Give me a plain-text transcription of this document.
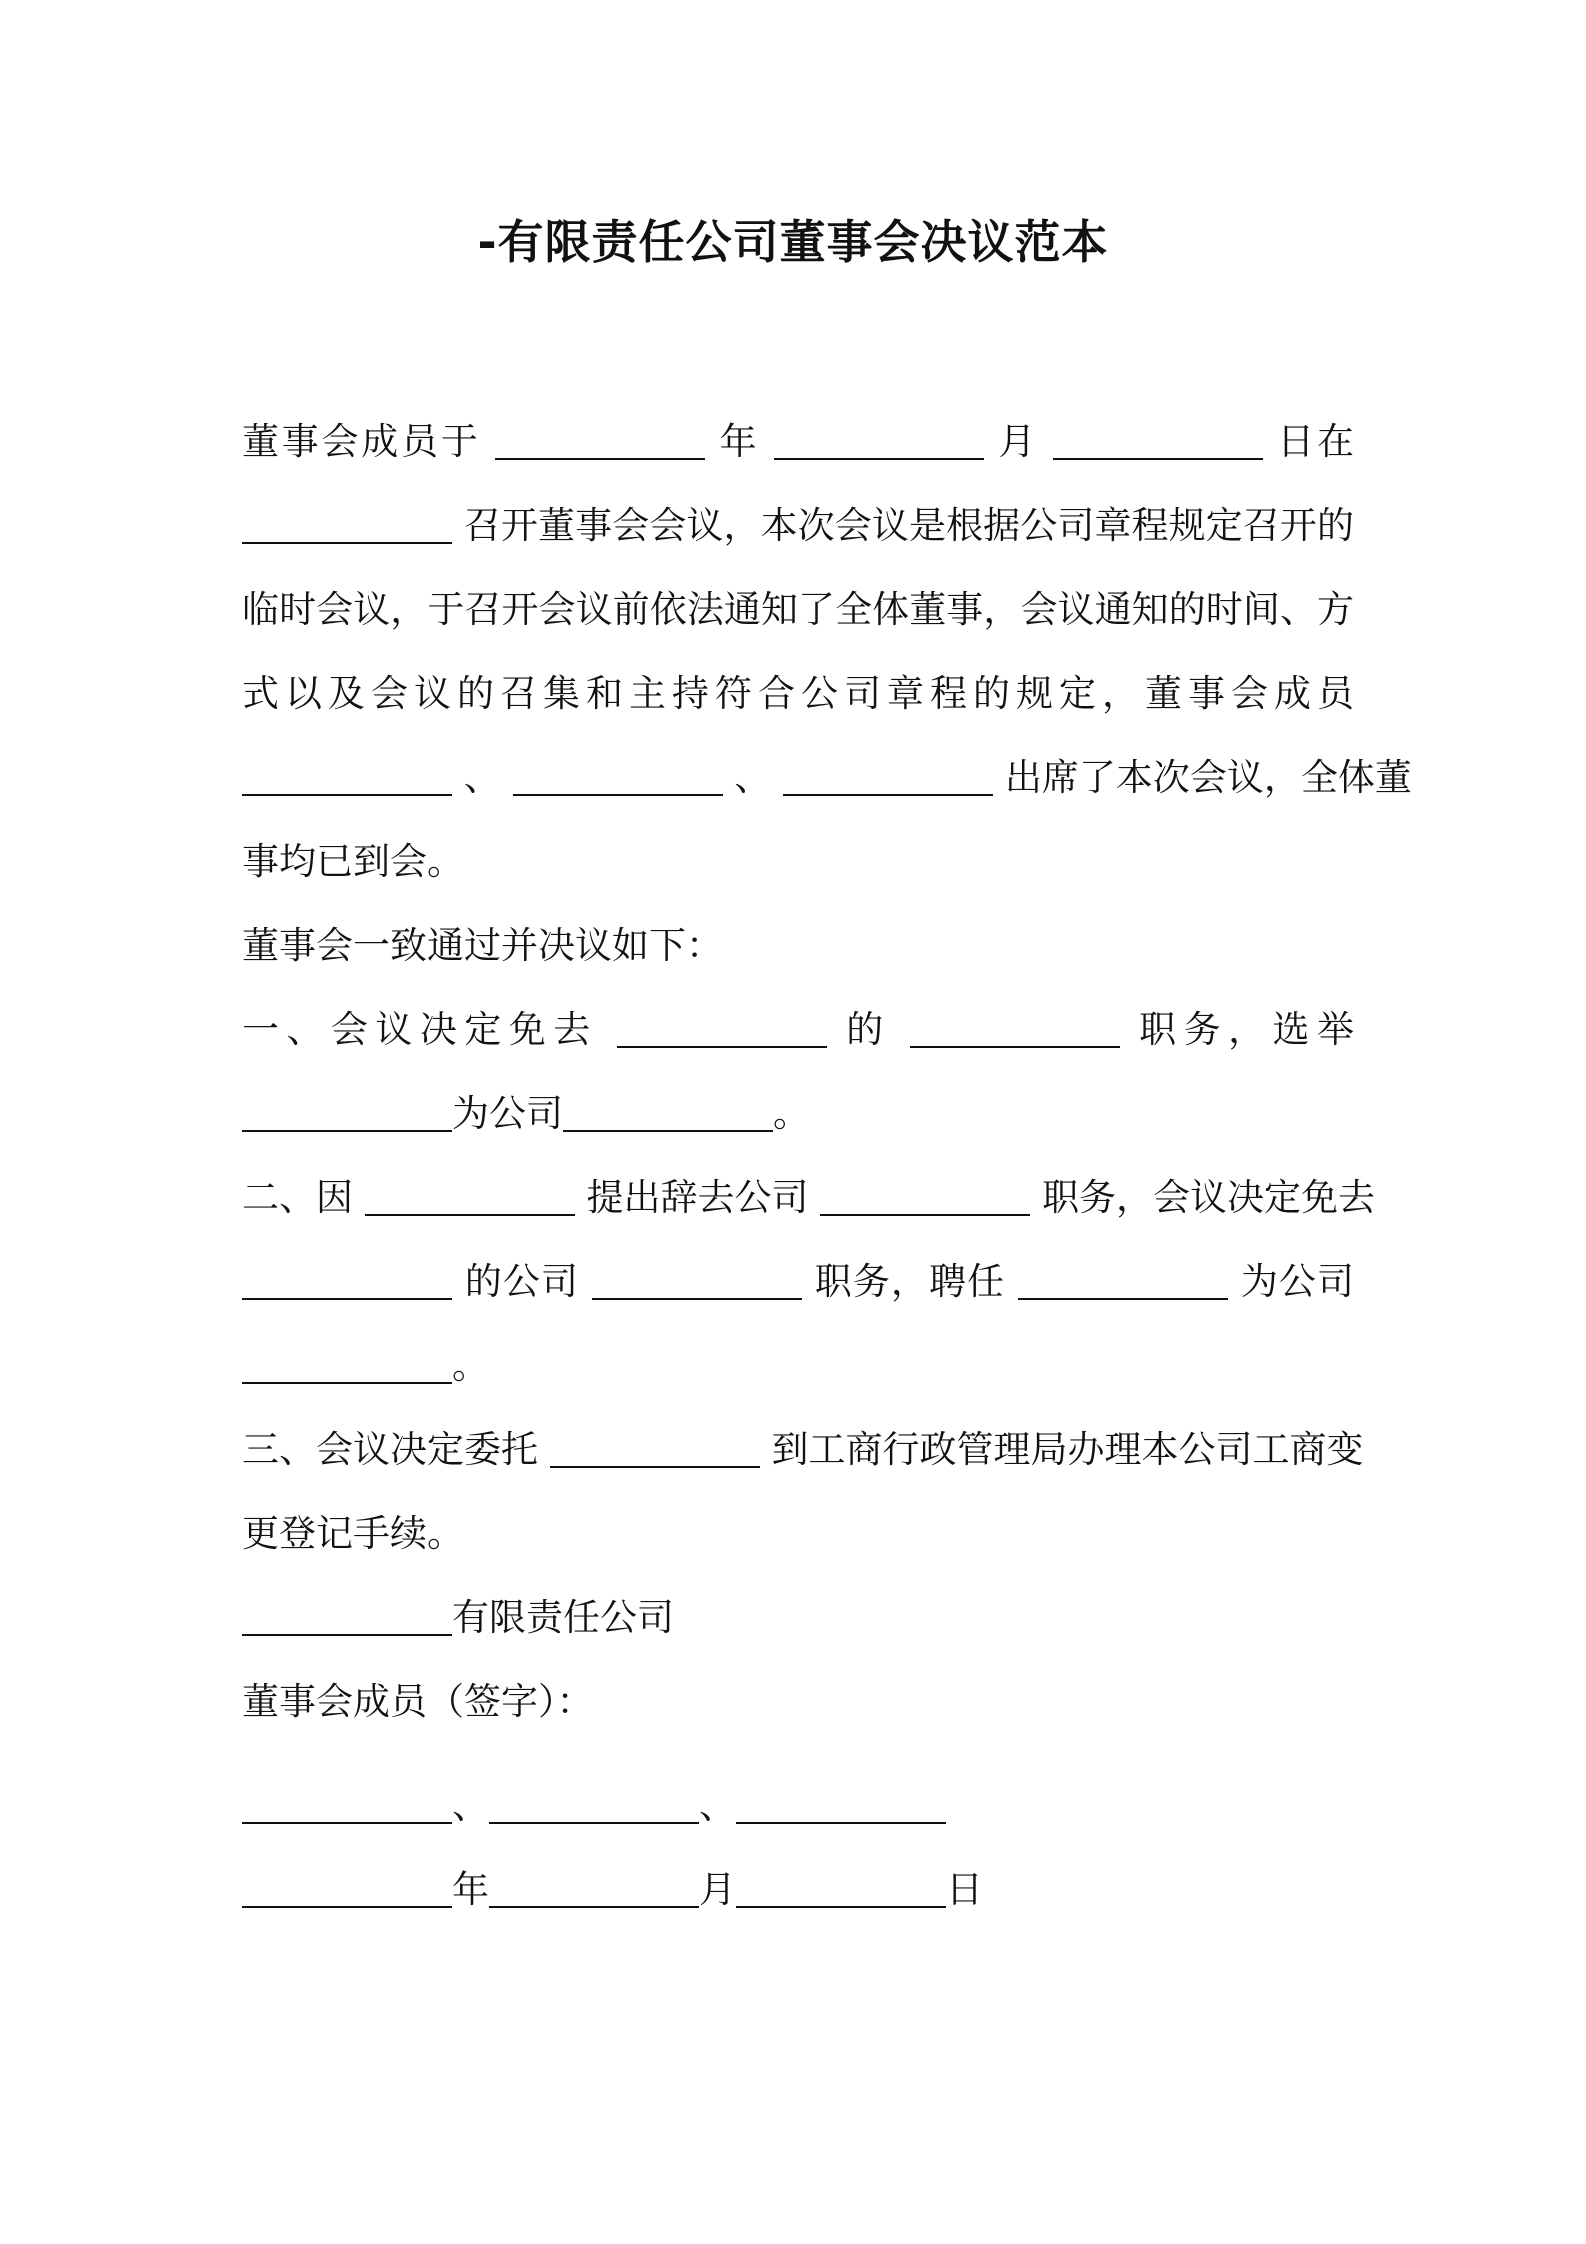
-有限责任公司董事会决议范本

董事会成员于	年	月	日在

召开董事会会议，本次会议是根据公司章程规定召开的

临时会议，于召开会议前依法通知了全体董事，会议通知的时间、方

式以及会议的召集和主持符合公司章程的规定，董事会成员

、	、	出席了本次会议，全体董

事均已到会。

董事会一致通过并决议如下：

一、会议决定免去	的	职务，选举

为公司	。

二、因	提出辞去公司	职务，会议决定免去

的公司	职务，聘任	为公司

。

三、会议决定委托	到工商行政管理局办理本公司工商变

更登记手续。

有限责任公司

董事会成员（签字）：

、	、

年	月	日
